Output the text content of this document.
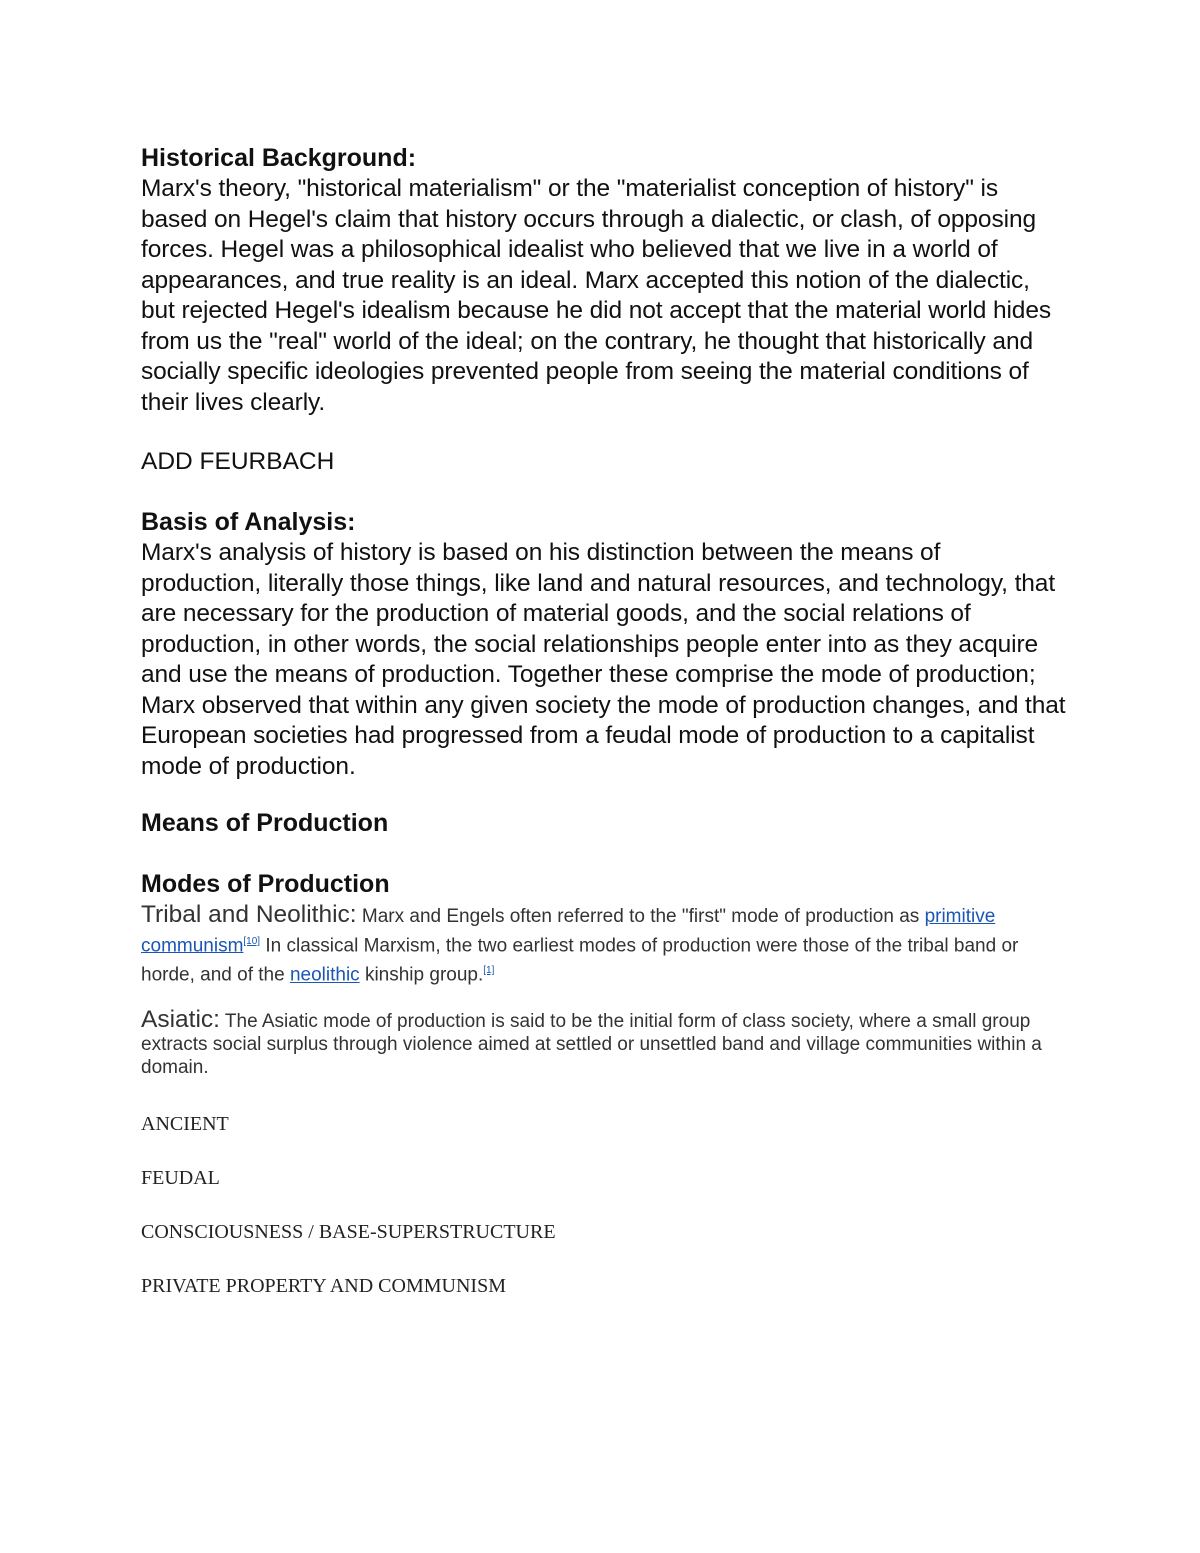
Historical Background:
Marx's theory, "historical materialism" or the "materialist conception of history" is based on Hegel's claim that history occurs through a dialectic, or clash, of opposing forces. Hegel was a philosophical idealist who believed that we live in a world of appearances, and true reality is an ideal. Marx accepted this notion of the dialectic, but rejected Hegel's idealism because he did not accept that the material world hides from us the "real" world of the ideal; on the contrary, he thought that historically and socially specific ideologies prevented people from seeing the material conditions of their lives clearly.
ADD FEURBACH
Basis of Analysis:
Marx's analysis of history is based on his distinction between the means of production, literally those things, like land and natural resources, and technology, that are necessary for the production of material goods, and the social relations of production, in other words, the social relationships people enter into as they acquire and use the means of production. Together these comprise the mode of production; Marx observed that within any given society the mode of production changes, and that European societies had progressed from a feudal mode of production to a capitalist mode of production.
Means of Production
Modes of Production
Tribal and Neolithic: Marx and Engels often referred to the "first" mode of production as primitive communism[10] In classical Marxism, the two earliest modes of production were those of the tribal band or horde, and of the neolithic kinship group.[1]
Asiatic: The Asiatic mode of production is said to be the initial form of class society, where a small group extracts social surplus through violence aimed at settled or unsettled band and village communities within a domain.
ANCIENT
FEUDAL
CONSCIOUSNESS / BASE-SUPERSTRUCTURE
PRIVATE PROPERTY AND COMMUNISM
